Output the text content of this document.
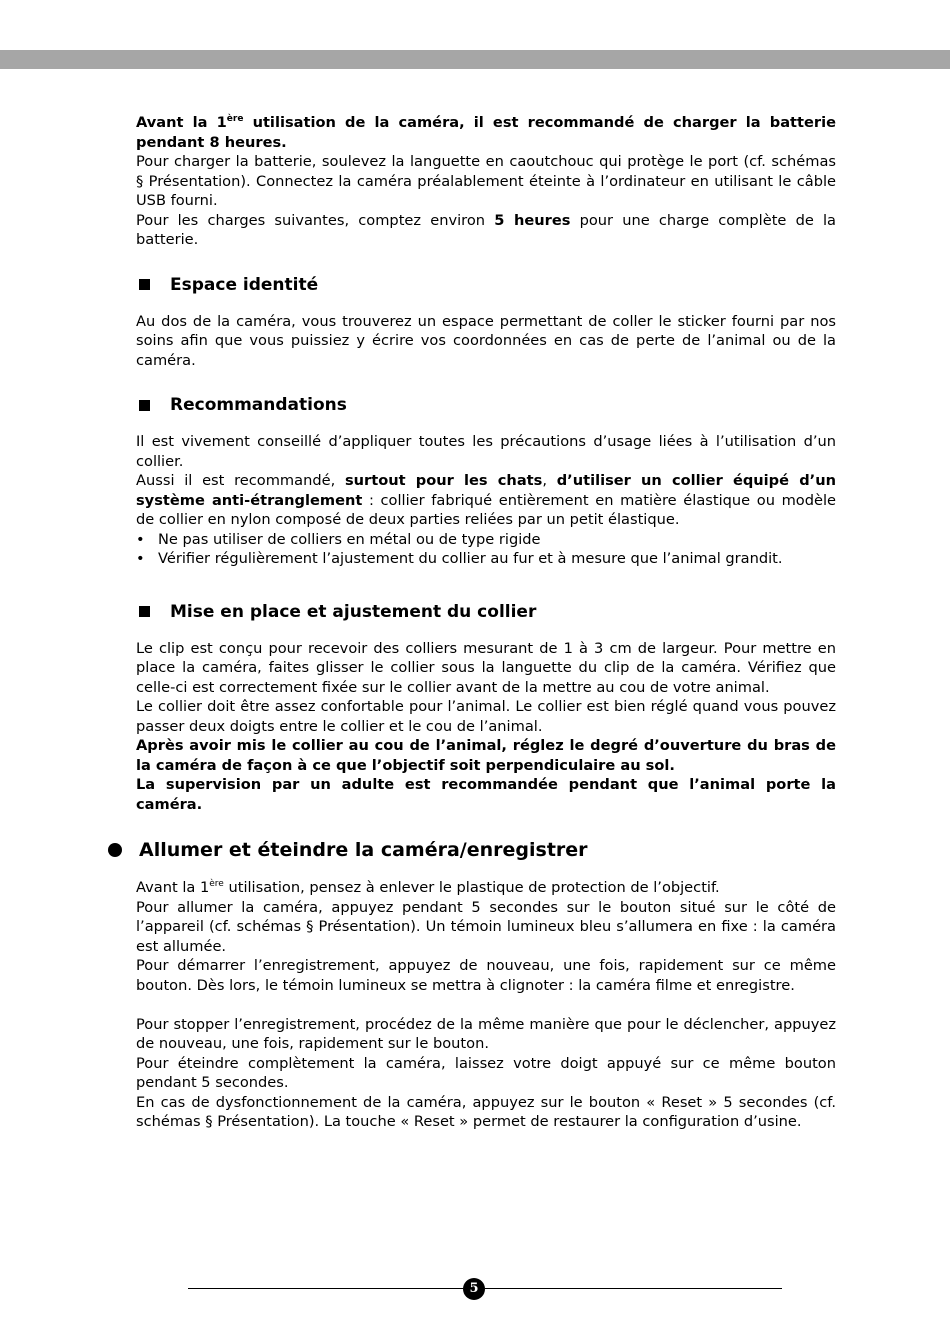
Avant la 1ère utilisation de la caméra, il est recommandé de charger la batterie pendant 8 heures.

Pour charger la batterie, soulevez la languette en caoutchouc qui protège le port (cf. schémas § Présentation). Connectez la caméra préalablement éteinte à l’ordinateur en utilisant le câble USB fourni.

Pour les charges suivantes, comptez environ 5 heures pour une charge complète de la batterie.

Espace identité

Au dos de la caméra, vous trouverez un espace permettant de coller le sticker fourni par nos soins afin que vous puissiez y écrire vos coordonnées en cas de perte de l’animal ou de la caméra.

Recommandations

Il est vivement conseillé d’appliquer toutes les précautions d’usage liées à l’utilisation d’un collier.

Aussi il est recommandé, surtout pour les chats, d’utiliser un collier équipé d’un système anti-étranglement : collier fabriqué entièrement en matière élastique ou modèle de collier en nylon composé de deux parties reliées par un petit élastique.

• Ne pas utiliser de colliers en métal ou de type rigide

• Vérifier régulièrement l’ajustement du collier au fur et à mesure que l’animal grandit.

Mise en place et ajustement du collier

Le clip est conçu pour recevoir des colliers mesurant de 1 à 3 cm de largeur. Pour mettre en place la caméra, faites glisser le collier sous la languette du clip de la caméra. Vérifiez que celle-ci est correctement fixée sur le collier avant de la mettre au cou de votre animal.

Le collier doit être assez confortable pour l’animal. Le collier est bien réglé quand vous pouvez passer deux doigts entre le collier et le cou de l’animal.

Après avoir mis le collier au cou de l’animal, réglez le degré d’ouverture du bras de la caméra de façon à ce que l’objectif soit perpendiculaire au sol.

La supervision par un adulte est recommandée pendant que l’animal porte la caméra.

Allumer et éteindre la caméra/enregistrer

Avant la 1ère utilisation, pensez à enlever le plastique de protection de l’objectif.

Pour allumer la caméra, appuyez pendant 5 secondes sur le bouton situé sur le côté de l’appareil (cf. schémas § Présentation). Un témoin lumineux bleu s’allumera en fixe : la caméra est allumée.

Pour démarrer l’enregistrement, appuyez de nouveau, une fois, rapidement sur ce même bouton. Dès lors, le témoin lumineux se mettra à clignoter : la caméra filme et enregistre.

Pour stopper l’enregistrement, procédez de la même manière que pour le déclencher, appuyez de nouveau, une fois, rapidement sur le bouton.

Pour éteindre complètement la caméra, laissez votre doigt appuyé sur ce même bouton pendant 5 secondes.

En cas de dysfonctionnement de la caméra, appuyez sur le bouton « Reset » 5 secondes (cf. schémas § Présentation). La touche « Reset » permet de restaurer la configuration d’usine.

5
